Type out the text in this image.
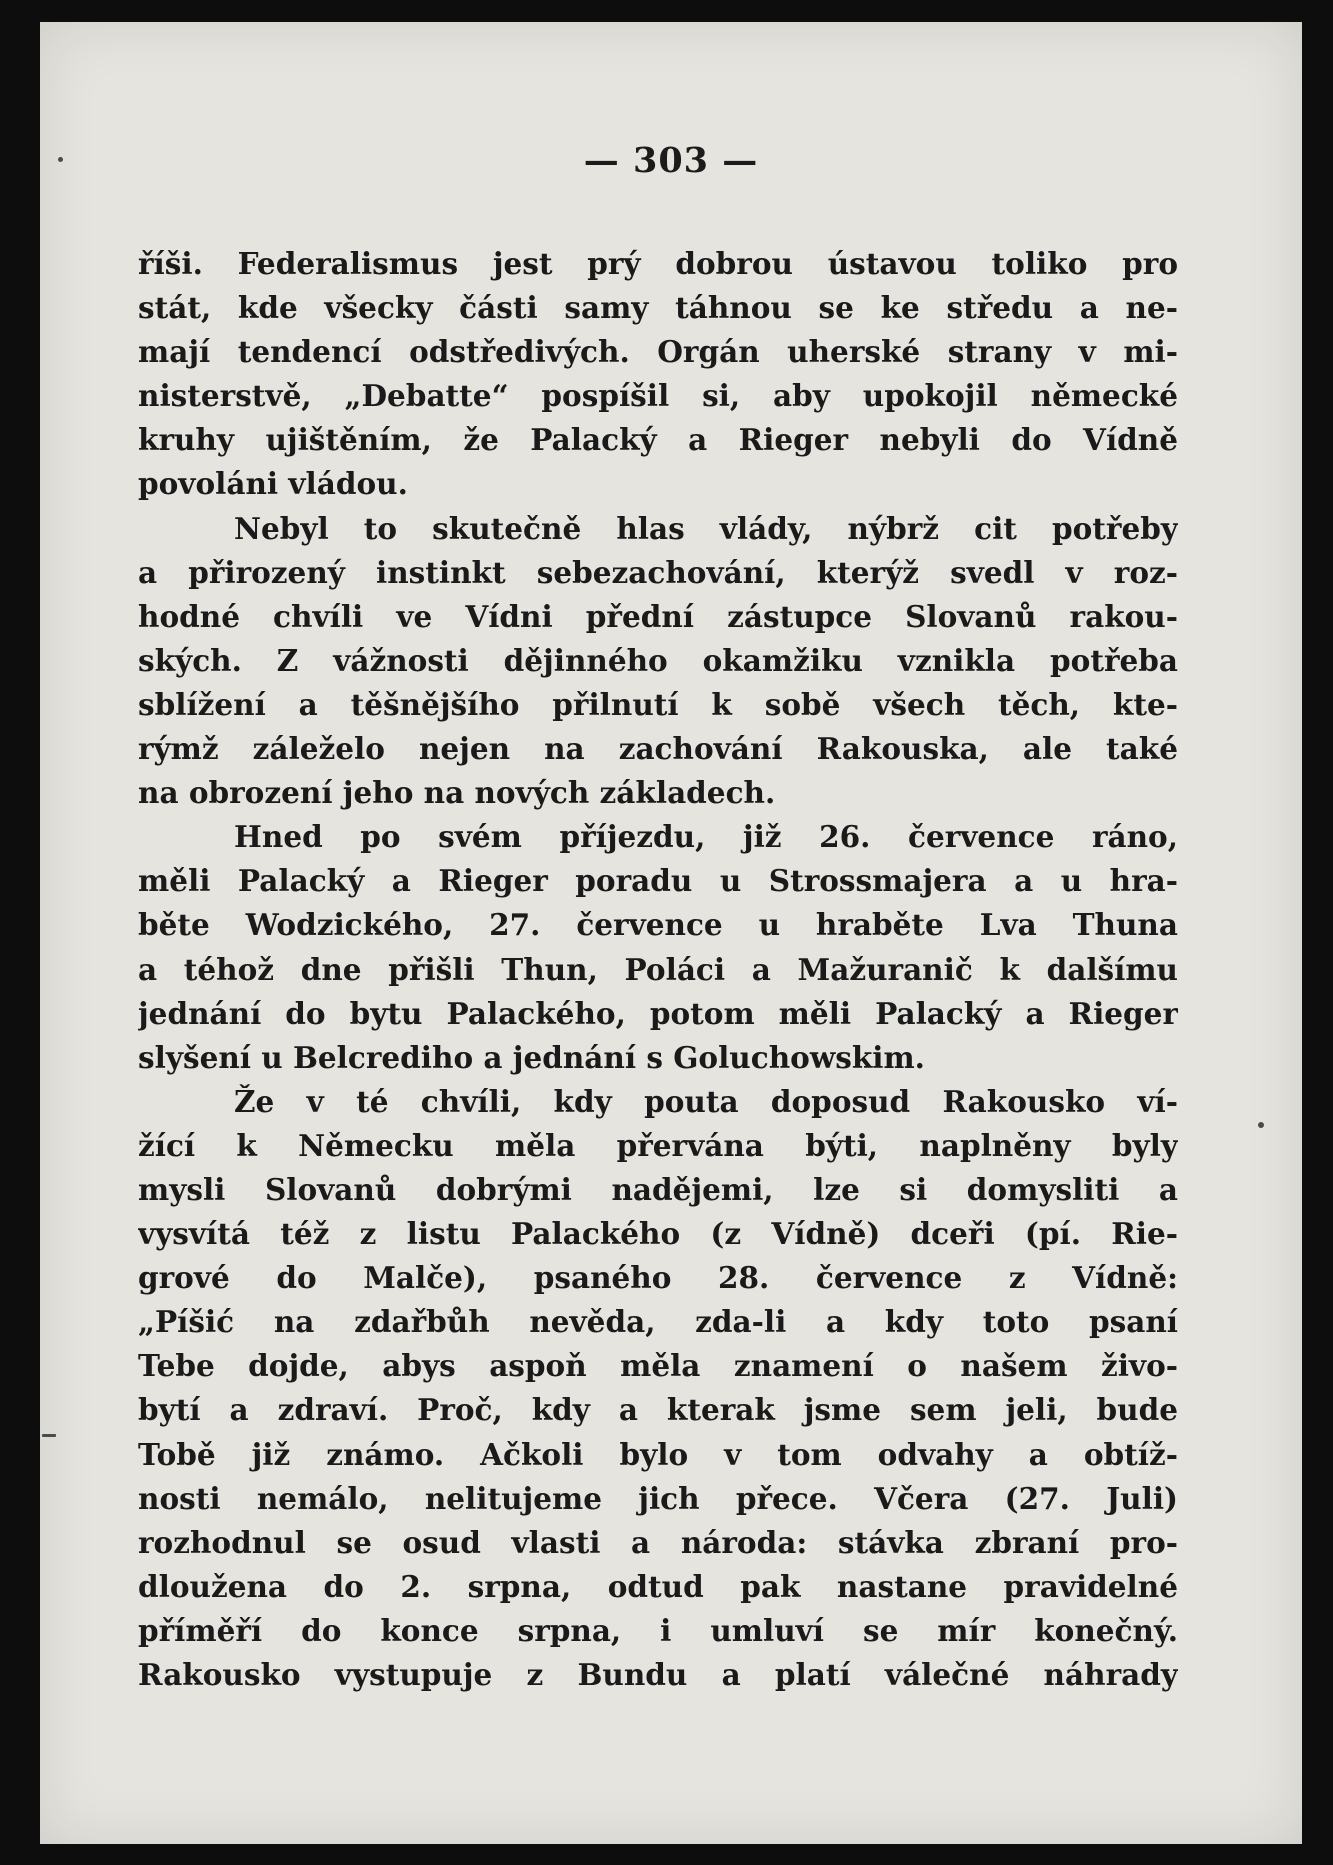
— 303 —
říši. Federalismus jest prý dobrou ústavou toliko pro
stát, kde všecky části samy táhnou se ke středu a ne-
mají tendencí odstředivých. Orgán uherské strany v mi-
nisterstvě, „Debatte“ pospíšil si, aby upokojil německé
kruhy ujištěním, že Palacký a Rieger nebyli do Vídně
povoláni vládou.
Nebyl to skutečně hlas vlády, nýbrž cit potřeby
a přirozený instinkt sebezachování, kterýž svedl v roz-
hodné chvíli ve Vídni přední zástupce Slovanů rakou-
ských. Z vážnosti dějinného okamžiku vznikla potřeba
sblížení a těšnějšího přilnutí k sobě všech těch, kte-
rýmž záleželo nejen na zachování Rakouska, ale také
na obrození jeho na nových základech.
Hned po svém příjezdu, již 26. července ráno,
měli Palacký a Rieger poradu u Strossmajera a u hra-
běte Wodzického, 27. července u hraběte Lva Thuna
a téhož dne přišli Thun, Poláci a Mažuranič k dalšímu
jednání do bytu Palackého, potom měli Palacký a Rieger
slyšení u Belcrediho a jednání s Goluchowskim.
Že v té chvíli, kdy pouta doposud Rakousko ví-
žící k Německu měla přervána býti, naplněny byly
mysli Slovanů dobrými nadějemi, lze si domysliti a
vysvítá též z listu Palackého (z Vídně) dceři (pí. Rie-
grové do Malče), psaného 28. července z Vídně:
„Píšić na zdařbůh nevěda, zda-li a kdy toto psaní
Tebe dojde, abys aspoň měla znamení o našem živo-
bytí a zdraví. Proč, kdy a kterak jsme sem jeli, bude
Tobě již známo. Ačkoli bylo v tom odvahy a obtíž-
nosti nemálo, nelitujeme jich přece. Včera (27. Juli)
rozhodnul se osud vlasti a národa: stávka zbraní pro-
dloužena do 2. srpna, odtud pak nastane pravidelné
příměří do konce srpna, i umluví se mír konečný.
Rakousko vystupuje z Bundu a platí válečné náhrady
